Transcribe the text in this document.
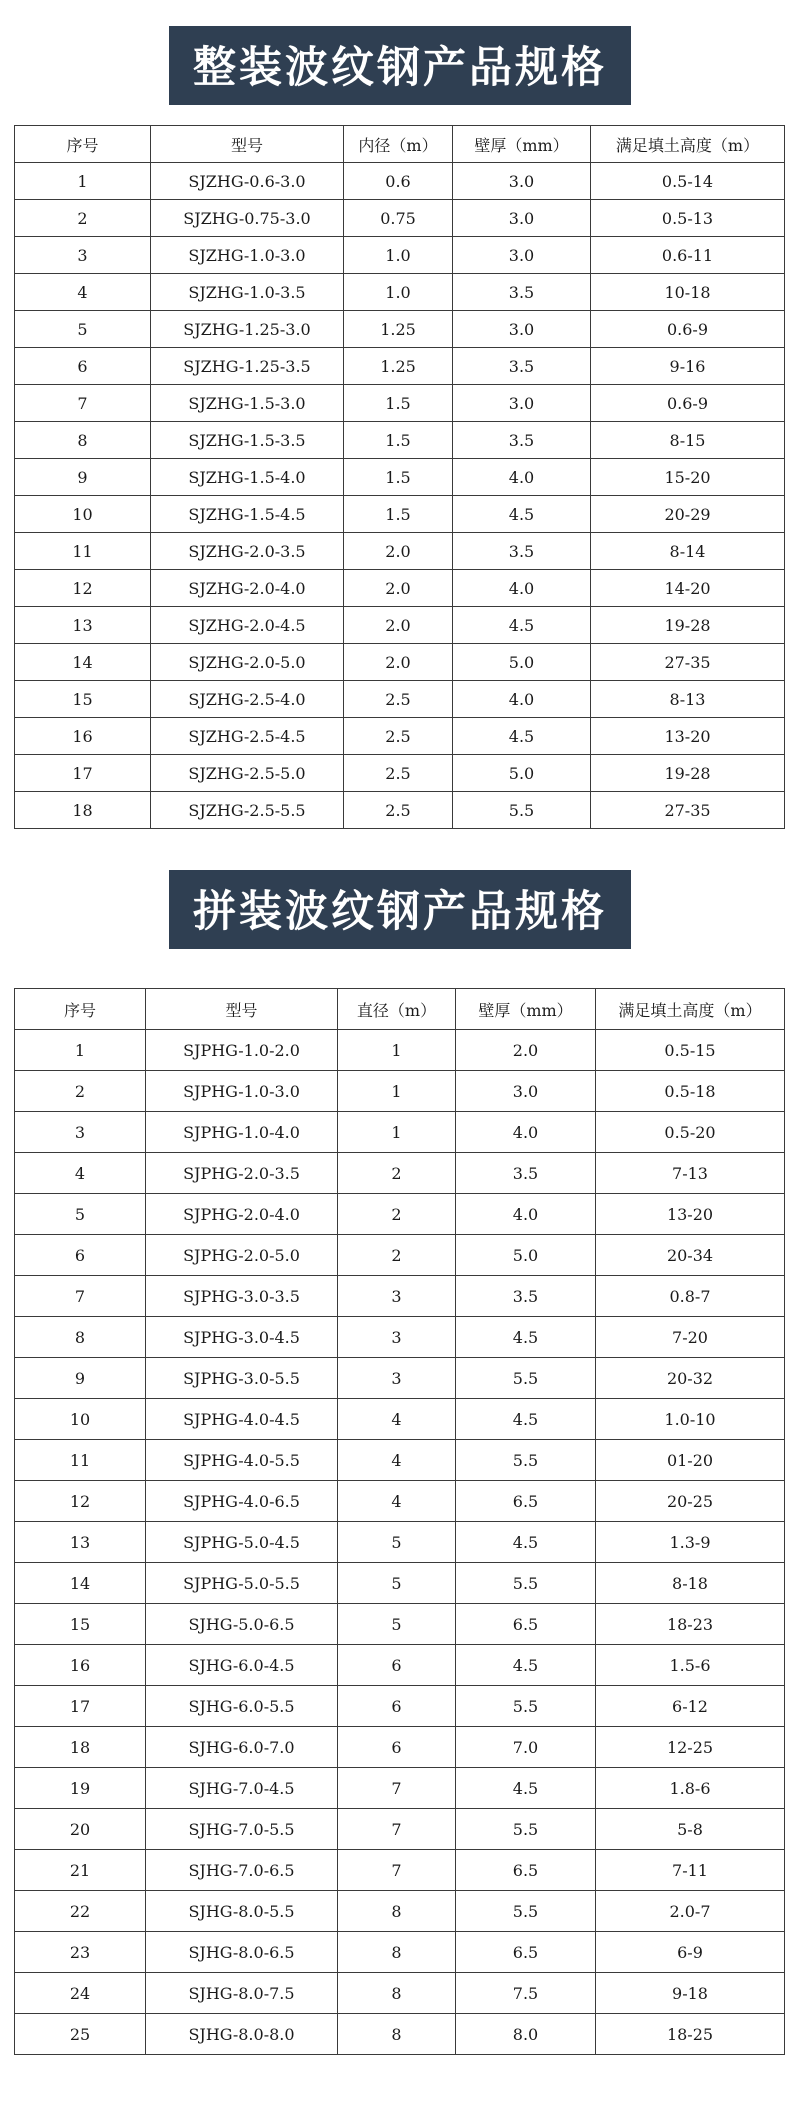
整装波纹钢产品规格
序号	型号	内径（m）	壁厚（mm）	满足填土高度（m）
1	SJZHG-0.6-3.0	0.6	3.0	0.5-14
2	SJZHG-0.75-3.0	0.75	3.0	0.5-13
3	SJZHG-1.0-3.0	1.0	3.0	0.6-11
4	SJZHG-1.0-3.5	1.0	3.5	10-18
5	SJZHG-1.25-3.0	1.25	3.0	0.6-9
6	SJZHG-1.25-3.5	1.25	3.5	9-16
7	SJZHG-1.5-3.0	1.5	3.0	0.6-9
8	SJZHG-1.5-3.5	1.5	3.5	8-15
9	SJZHG-1.5-4.0	1.5	4.0	15-20
10	SJZHG-1.5-4.5	1.5	4.5	20-29
11	SJZHG-2.0-3.5	2.0	3.5	8-14
12	SJZHG-2.0-4.0	2.0	4.0	14-20
13	SJZHG-2.0-4.5	2.0	4.5	19-28
14	SJZHG-2.0-5.0	2.0	5.0	27-35
15	SJZHG-2.5-4.0	2.5	4.0	8-13
16	SJZHG-2.5-4.5	2.5	4.5	13-20
17	SJZHG-2.5-5.0	2.5	5.0	19-28
18	SJZHG-2.5-5.5	2.5	5.5	27-35
拼装波纹钢产品规格
序号	型号	直径（m）	壁厚（mm）	满足填土高度（m）
1	SJPHG-1.0-2.0	1	2.0	0.5-15
2	SJPHG-1.0-3.0	1	3.0	0.5-18
3	SJPHG-1.0-4.0	1	4.0	0.5-20
4	SJPHG-2.0-3.5	2	3.5	7-13
5	SJPHG-2.0-4.0	2	4.0	13-20
6	SJPHG-2.0-5.0	2	5.0	20-34
7	SJPHG-3.0-3.5	3	3.5	0.8-7
8	SJPHG-3.0-4.5	3	4.5	7-20
9	SJPHG-3.0-5.5	3	5.5	20-32
10	SJPHG-4.0-4.5	4	4.5	1.0-10
11	SJPHG-4.0-5.5	4	5.5	01-20
12	SJPHG-4.0-6.5	4	6.5	20-25
13	SJPHG-5.0-4.5	5	4.5	1.3-9
14	SJPHG-5.0-5.5	5	5.5	8-18
15	SJHG-5.0-6.5	5	6.5	18-23
16	SJHG-6.0-4.5	6	4.5	1.5-6
17	SJHG-6.0-5.5	6	5.5	6-12
18	SJHG-6.0-7.0	6	7.0	12-25
19	SJHG-7.0-4.5	7	4.5	1.8-6
20	SJHG-7.0-5.5	7	5.5	5-8
21	SJHG-7.0-6.5	7	6.5	7-11
22	SJHG-8.0-5.5	8	5.5	2.0-7
23	SJHG-8.0-6.5	8	6.5	6-9
24	SJHG-8.0-7.5	8	7.5	9-18
25	SJHG-8.0-8.0	8	8.0	18-25
